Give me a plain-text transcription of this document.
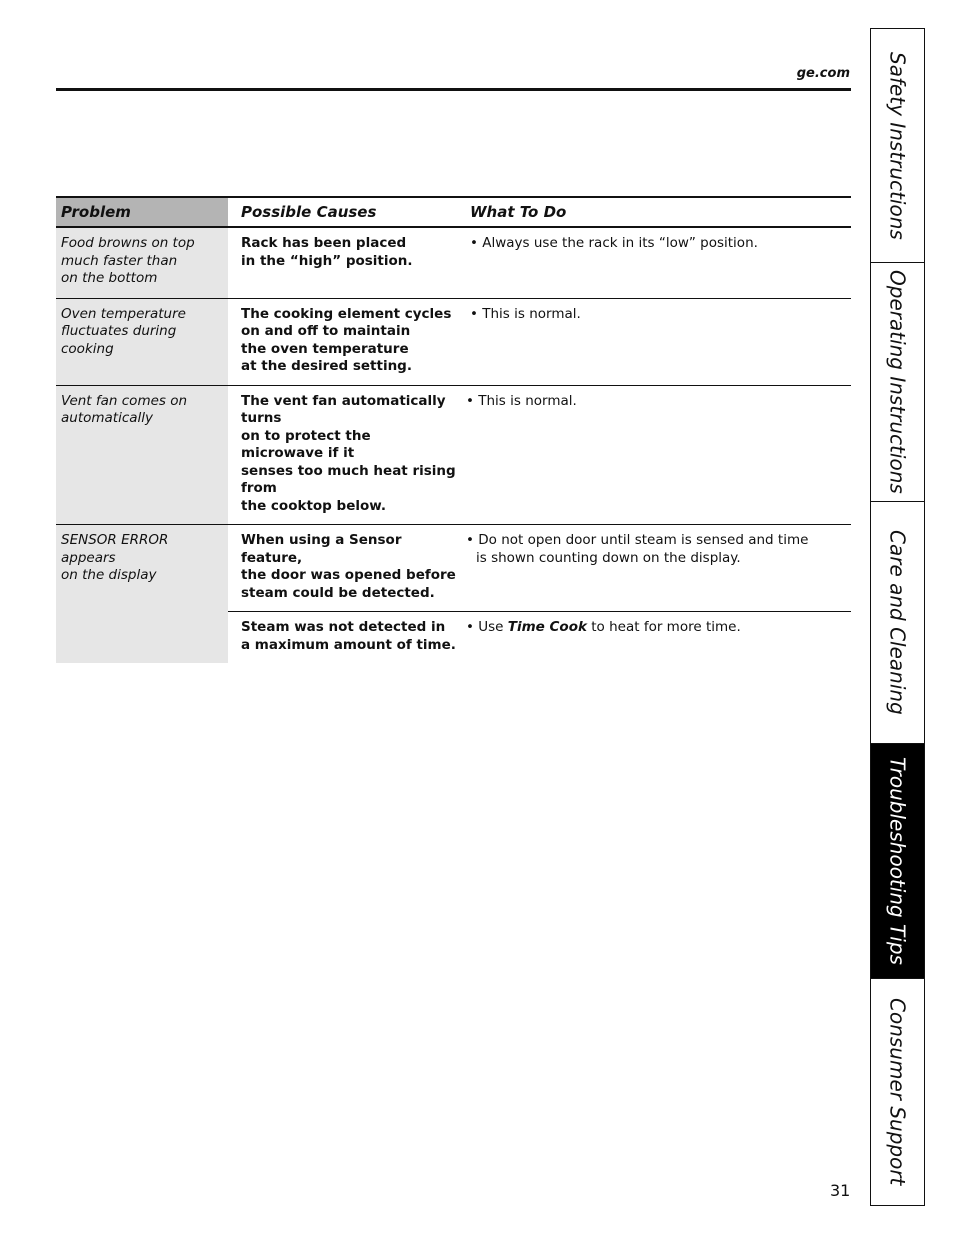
ge.com
Problem	Possible Causes	What To Do
Food browns on top
much faster than
on the bottom
Rack has been placed
in the “high” position.
• Always use the rack in its “low” position.
Oven temperature
fluctuates during
cooking
The cooking element cycles
on and off to maintain
the oven temperature
at the desired setting.
• This is normal.
Vent fan comes on
automatically
The vent fan automatically turns
on to protect the microwave if it
senses too much heat rising from
the cooktop below.
• This is normal.
SENSOR ERROR appears
on the display
When using a Sensor feature,
the door was opened before
steam could be detected.
• Do not open door until steam is sensed and time
is shown counting down on the display.
Steam was not detected in
a maximum amount of time.
• Use Time Cook to heat for more time.
Safety Instructions
Operating Instructions
Care and Cleaning
Troubleshooting Tips
Consumer Support
31
